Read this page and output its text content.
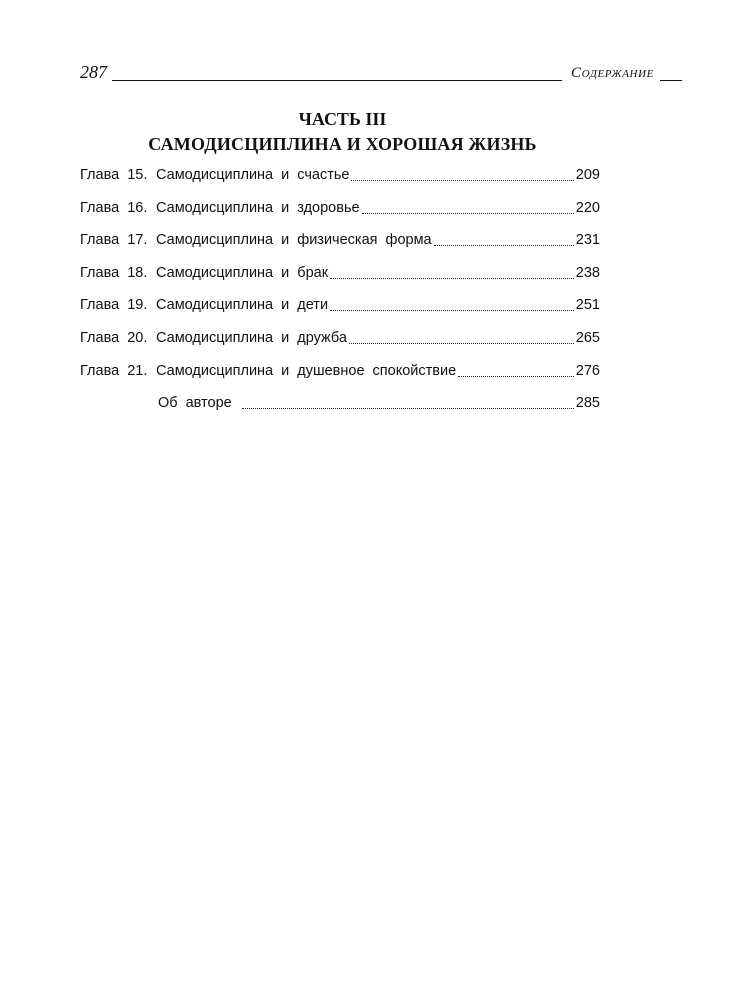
287	Содержание
ЧАСТЬ III
САМОДИСЦИПЛИНА И ХОРОШАЯ ЖИЗНЬ
Глава 15. Самодисциплина и счастье	209
Глава 16. Самодисциплина и здоровье	220
Глава 17. Самодисциплина и физическая форма	231
Глава 18. Самодисциплина и брак	238
Глава 19. Самодисциплина и дети	251
Глава 20. Самодисциплина и дружба	265
Глава 21. Самодисциплина и душевное спокойствие	276
Об авторе	285
